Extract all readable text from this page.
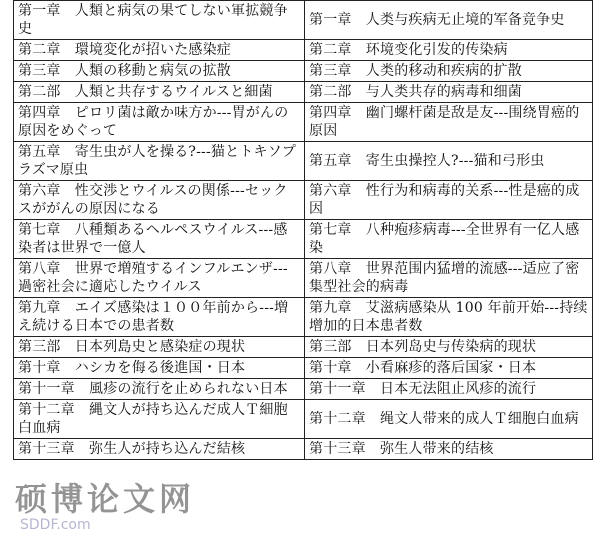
第一章　人類と病気の果てしない軍拡競争史	第一章　人类与疾病无止境的军备竞争史
第二章　環境変化が招いた感染症	第二章　环境变化引发的传染病
第三章　人類の移動と病気の拡散	第三章　人类的移动和疾病的扩散
第二部　人類と共存するウイルスと細菌	第二部　与人类共存的病毒和细菌
第四章　ピロリ菌は敵か味方か---胃がんの原因をめぐって	第四章　幽门螺杆菌是敌是友---围绕胃癌的原因
第五章　寄生虫が人を操る?---猫とトキソプラズマ原虫	第五章　寄生虫操控人?---猫和弓形虫
第六章　性交渉とウイルスの関係---セックスががんの原因になる	第六章　性行为和病毒的关系---性是癌的成因
第七章　八種類あるヘルペスウイルス---感染者は世界で一億人	第七章　八种疱疹病毒---全世界有一亿人感染
第八章　世界で増殖するインフルエンザ---過密社会に適応したウイルス	第八章　世界范围内猛增的流感---适应了密集型社会的病毒
第九章　エイズ感染は１００年前から---増え続ける日本での患者数	第九章　艾滋病感染从 100 年前开始---持续增加的日本患者数
第三部　日本列島史と感染症の現状	第三部　日本列岛史与传染病的现状
第十章　ハシカを侮る後進国・日本	第十章　小看麻疹的落后国家・日本
第十一章　風疹の流行を止められない日本	第十一章　日本无法阻止风疹的流行
第十二章　縄文人が持ち込んだ成人Ｔ細胞白血病	第十二章　绳文人带来的成人Ｔ细胞白血病
第十三章　弥生人が持ち込んだ結核	第十三章　弥生人带来的结核
硕博论文网
SDDF.com
